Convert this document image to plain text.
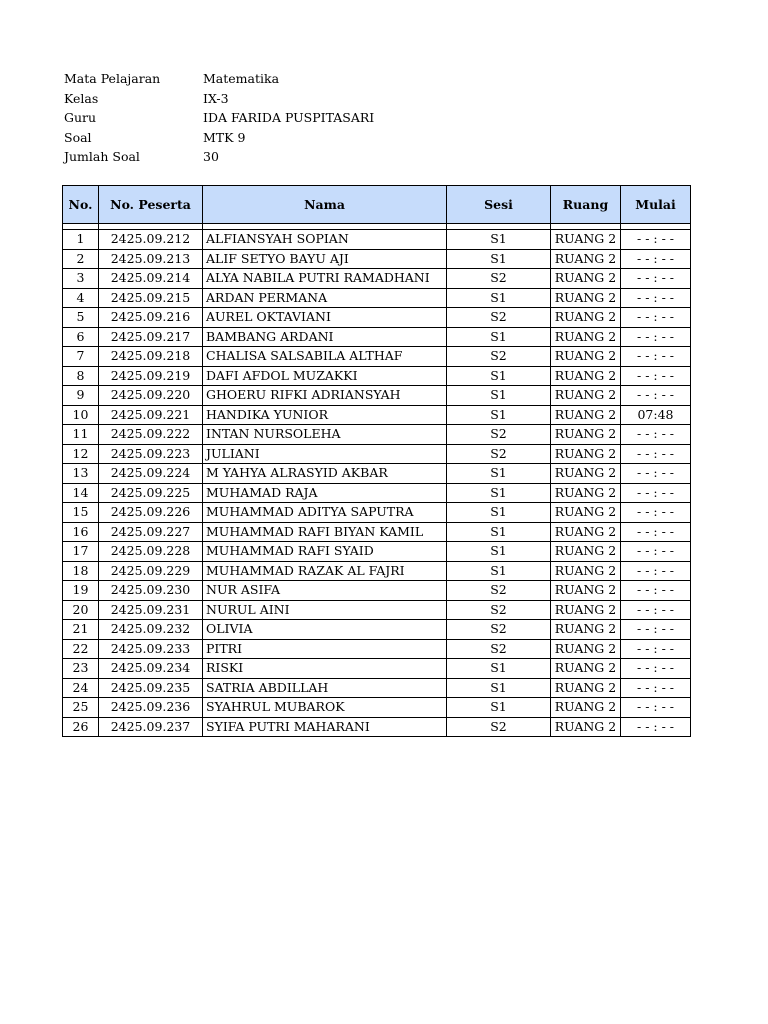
Mata Pelajaran	Matematika
Kelas	IX-3
Guru	IDA FARIDA PUSPITASARI
Soal	MTK 9
Jumlah Soal	30
No.	No. Peserta	Nama	Sesi	Ruang	Mulai

1	2425.09.212	ALFIANSYAH SOPIAN	S1	RUANG 2	- - : - -
2	2425.09.213	ALIF SETYO BAYU AJI	S1	RUANG 2	- - : - -
3	2425.09.214	ALYA NABILA PUTRI RAMADHANI	S2	RUANG 2	- - : - -
4	2425.09.215	ARDAN PERMANA	S1	RUANG 2	- - : - -
5	2425.09.216	AUREL OKTAVIANI	S2	RUANG 2	- - : - -
6	2425.09.217	BAMBANG ARDANI	S1	RUANG 2	- - : - -
7	2425.09.218	CHALISA SALSABILA ALTHAF	S2	RUANG 2	- - : - -
8	2425.09.219	DAFI AFDOL MUZAKKI	S1	RUANG 2	- - : - -
9	2425.09.220	GHOERU RIFKI ADRIANSYAH	S1	RUANG 2	- - : - -
10	2425.09.221	HANDIKA YUNIOR	S1	RUANG 2	07:48
11	2425.09.222	INTAN NURSOLEHA	S2	RUANG 2	- - : - -
12	2425.09.223	JULIANI	S2	RUANG 2	- - : - -
13	2425.09.224	M YAHYA ALRASYID AKBAR	S1	RUANG 2	- - : - -
14	2425.09.225	MUHAMAD RAJA	S1	RUANG 2	- - : - -
15	2425.09.226	MUHAMMAD ADITYA SAPUTRA	S1	RUANG 2	- - : - -
16	2425.09.227	MUHAMMAD RAFI BIYAN KAMIL	S1	RUANG 2	- - : - -
17	2425.09.228	MUHAMMAD RAFI SYAID	S1	RUANG 2	- - : - -
18	2425.09.229	MUHAMMAD RAZAK AL FAJRI	S1	RUANG 2	- - : - -
19	2425.09.230	NUR ASIFA	S2	RUANG 2	- - : - -
20	2425.09.231	NURUL AINI	S2	RUANG 2	- - : - -
21	2425.09.232	OLIVIA	S2	RUANG 2	- - : - -
22	2425.09.233	PITRI	S2	RUANG 2	- - : - -
23	2425.09.234	RISKI	S1	RUANG 2	- - : - -
24	2425.09.235	SATRIA ABDILLAH	S1	RUANG 2	- - : - -
25	2425.09.236	SYAHRUL MUBAROK	S1	RUANG 2	- - : - -
26	2425.09.237	SYIFA PUTRI MAHARANI	S2	RUANG 2	- - : - -
